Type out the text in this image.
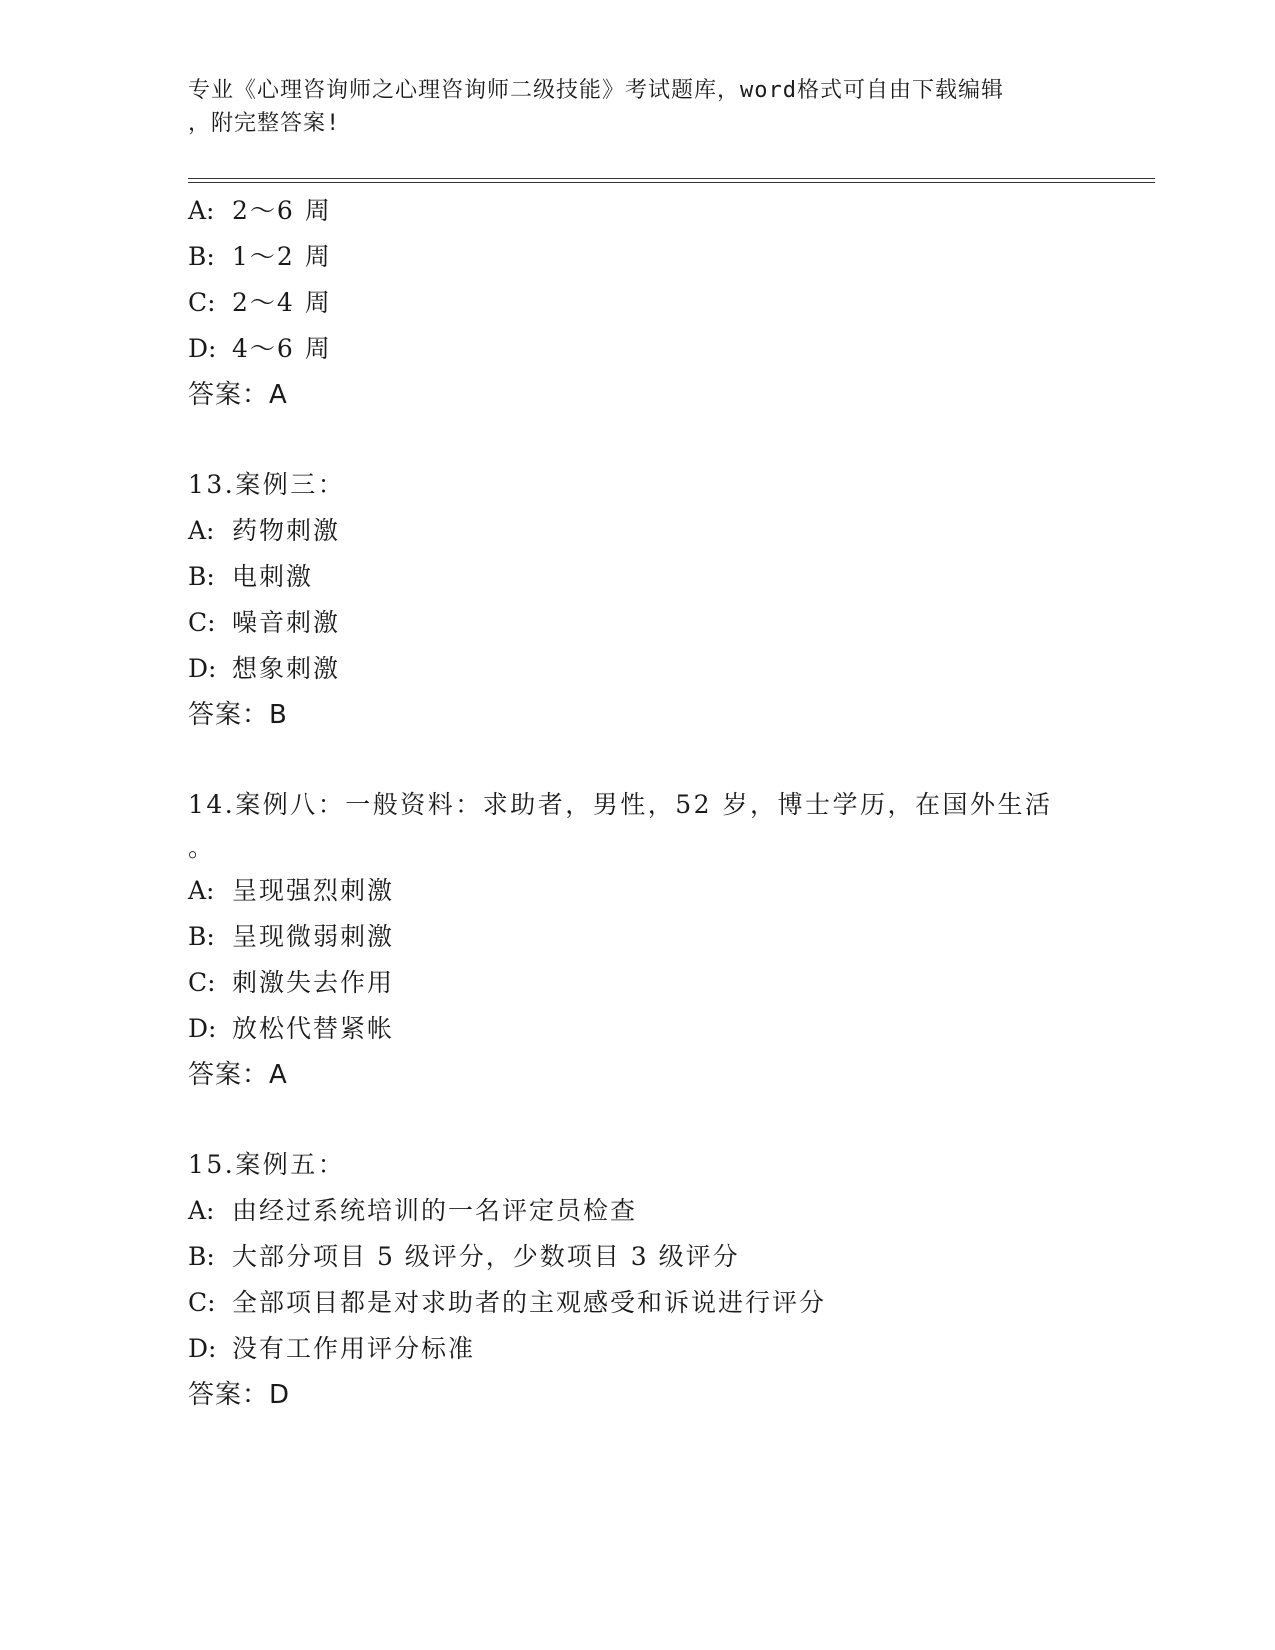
专业《心理咨询师之心理咨询师二级技能》考试题库，word格式可自由下载编辑
，附完整答案!
A: 2～6 周
B: 1～2 周
C: 2～4 周
D: 4～6 周
答案：A
13.案例三：
A: 药物刺激
B: 电刺激
C: 噪音刺激
D: 想象刺激
答案：B
14.案例八：一般资料：求助者，男性，52 岁，博士学历，在国外生活
。
A: 呈现强烈刺激
B: 呈现微弱刺激
C: 刺激失去作用
D: 放松代替紧帐
答案：A
15.案例五：
A: 由经过系统培训的一名评定员检查
B: 大部分项目 5 级评分，少数项目 3 级评分
C: 全部项目都是对求助者的主观感受和诉说进行评分
D: 没有工作用评分标准
答案：D
